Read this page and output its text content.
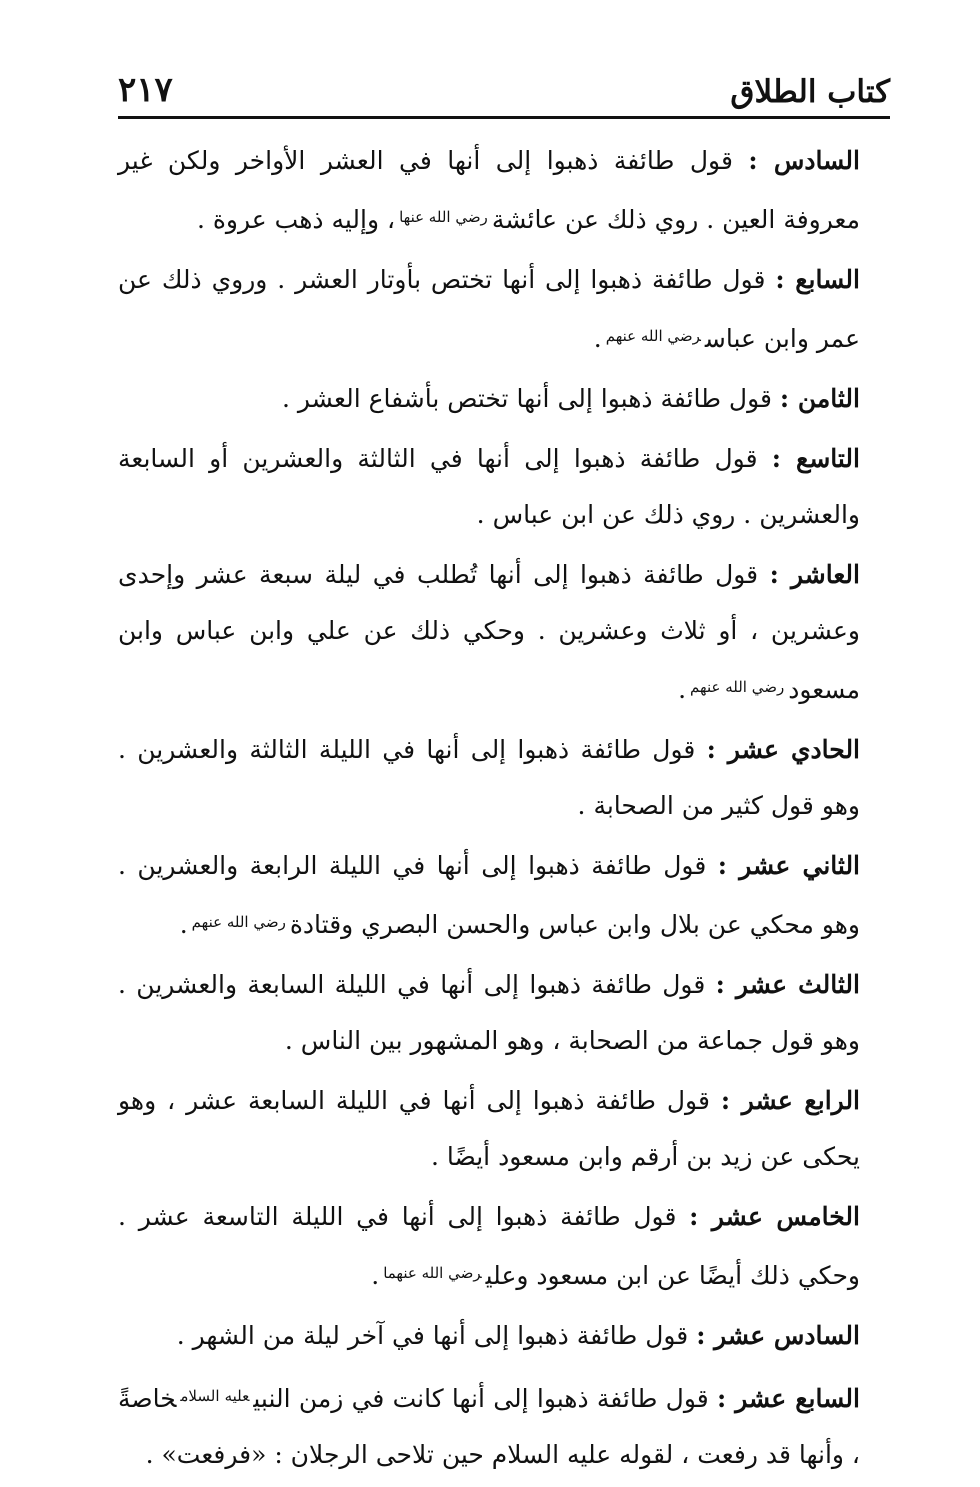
٢١٧	كتاب الطلاق

السادس : قول طائفة ذهبوا إلى أنها في العشر الأواخر ولكن غير معروفة العين . روي ذلك عن عائشة$^{رضي الله عنها}$، وإليه ذهب عروة .

السابع : قول طائفة ذهبوا إلى أنها تختص بأوتار العشر . وروي ذلك عن عمر وابن عباس$^{رضي الله عنهم}$.

الثامن : قول طائفة ذهبوا إلى أنها تختص بأشفاع العشر .

التاسع : قول طائفة ذهبوا إلى أنها في الثالثة والعشرين أو السابعة والعشرين . روي ذلك عن ابن عباس .

العاشر : قول طائفة ذهبوا إلى أنها تُطلب في ليلة سبعة عشر وإحدى وعشرين ، أو ثلاث وعشرين . وحكي ذلك عن علي وابن عباس وابن مسعود$^{رضي الله عنهم}$.

الحادي عشر : قول طائفة ذهبوا إلى أنها في الليلة الثالثة والعشرين . وهو قول كثير من الصحابة .

الثاني عشر : قول طائفة ذهبوا إلى أنها في الليلة الرابعة والعشرين . وهو محكي عن بلال وابن عباس والحسن البصري وقتادة$^{رضي الله عنهم}$.

الثالث عشر : قول طائفة ذهبوا إلى أنها في الليلة السابعة والعشرين . وهو قول جماعة من الصحابة ، وهو المشهور بين الناس .

الرابع عشر : قول طائفة ذهبوا إلى أنها في الليلة السابعة عشر ، وهو يحكى عن زيد بن أرقم وابن مسعود أيضًا .

الخامس عشر : قول طائفة ذهبوا إلى أنها في الليلة التاسعة عشر . وحكي ذلك أيضًا عن ابن مسعود وعلي$^{رضي الله عنهما}$.

السادس عشر : قول طائفة ذهبوا إلى أنها في آخر ليلة من الشهر .

السابع عشر : قول طائفة ذهبوا إلى أنها كانت في زمن النبي$^{عليه السلام}$خاصةً ، وأنها قد رفعت ، لقوله عليه السلام حين تلاحى الرجلان : «فرفعت» .
